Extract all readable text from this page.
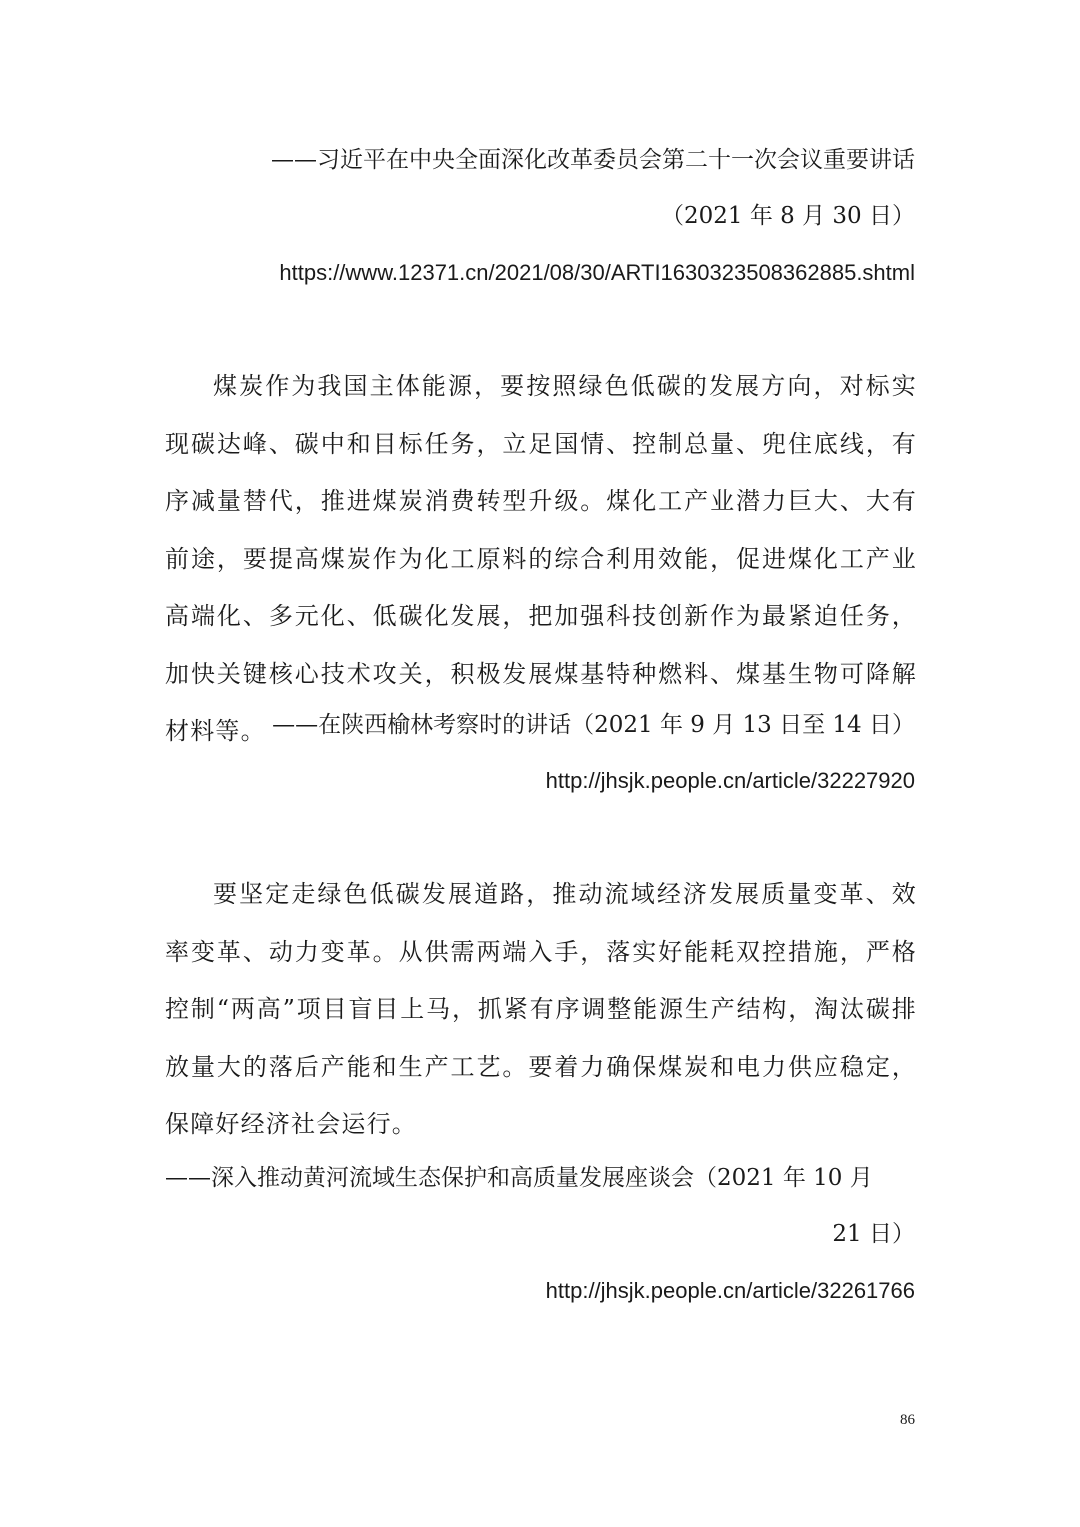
——习近平在中央全面深化改革委员会第二十一次会议重要讲话
（2021 年 8 月 30 日）
https://www.12371.cn/2021/08/30/ARTI1630323508362885.shtml

煤炭作为我国主体能源，要按照绿色低碳的发展方向，对标实现碳达峰、碳中和目标任务，立足国情、控制总量、兜住底线，有序减量替代，推进煤炭消费转型升级。煤化工产业潜力巨大、大有前途，要提高煤炭作为化工原料的综合利用效能，促进煤化工产业高端化、多元化、低碳化发展，把加强科技创新作为最紧迫任务，加快关键核心技术攻关，积极发展煤基特种燃料、煤基生物可降解材料等。 ——在陕西榆林考察时的讲话（2021 年 9 月 13 日至 14 日）
http://jhsjk.people.cn/article/32227920

要坚定走绿色低碳发展道路，推动流域经济发展质量变革、效率变革、动力变革。从供需两端入手，落实好能耗双控措施，严格控制“两高”项目盲目上马，抓紧有序调整能源生产结构，淘汰碳排放量大的落后产能和生产工艺。要着力确保煤炭和电力供应稳定，保障好经济社会运行。

——深入推动黄河流域生态保护和高质量发展座谈会（2021 年 10 月
21 日）
http://jhsjk.people.cn/article/32261766
86
